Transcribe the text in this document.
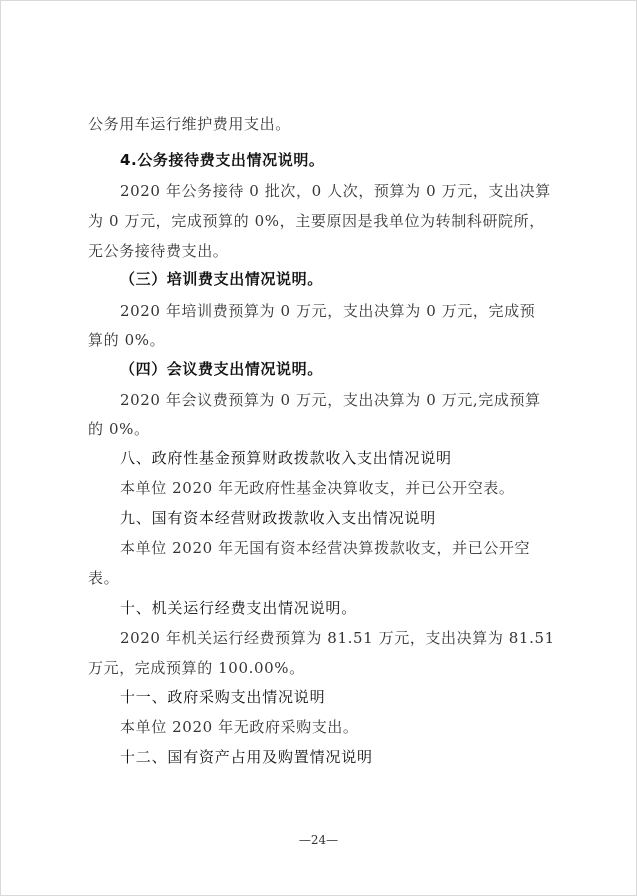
公务用车运行维护费用支出。
4.公务接待费支出情况说明。
2020 年公务接待 0 批次，0 人次，预算为 0 万元，支出决算
为 0 万元，完成预算的 0%，主要原因是我单位为转制科研院所，
无公务接待费支出。
（三）培训费支出情况说明。
2020 年培训费预算为 0 万元，支出决算为 0 万元，完成预
算的 0%。
（四）会议费支出情况说明。
2020 年会议费预算为 0 万元，支出决算为 0 万元,完成预算
的 0%。
八、政府性基金预算财政拨款收入支出情况说明
本单位 2020 年无政府性基金决算收支，并已公开空表。
九、国有资本经营财政拨款收入支出情况说明
本单位 2020 年无国有资本经营决算拨款收支，并已公开空
表。
十、机关运行经费支出情况说明。
2020 年机关运行经费预算为 81.51 万元，支出决算为 81.51
万元，完成预算的 100.00%。
十一、政府采购支出情况说明
本单位 2020 年无政府采购支出。
十二、国有资产占用及购置情况说明
—24—
